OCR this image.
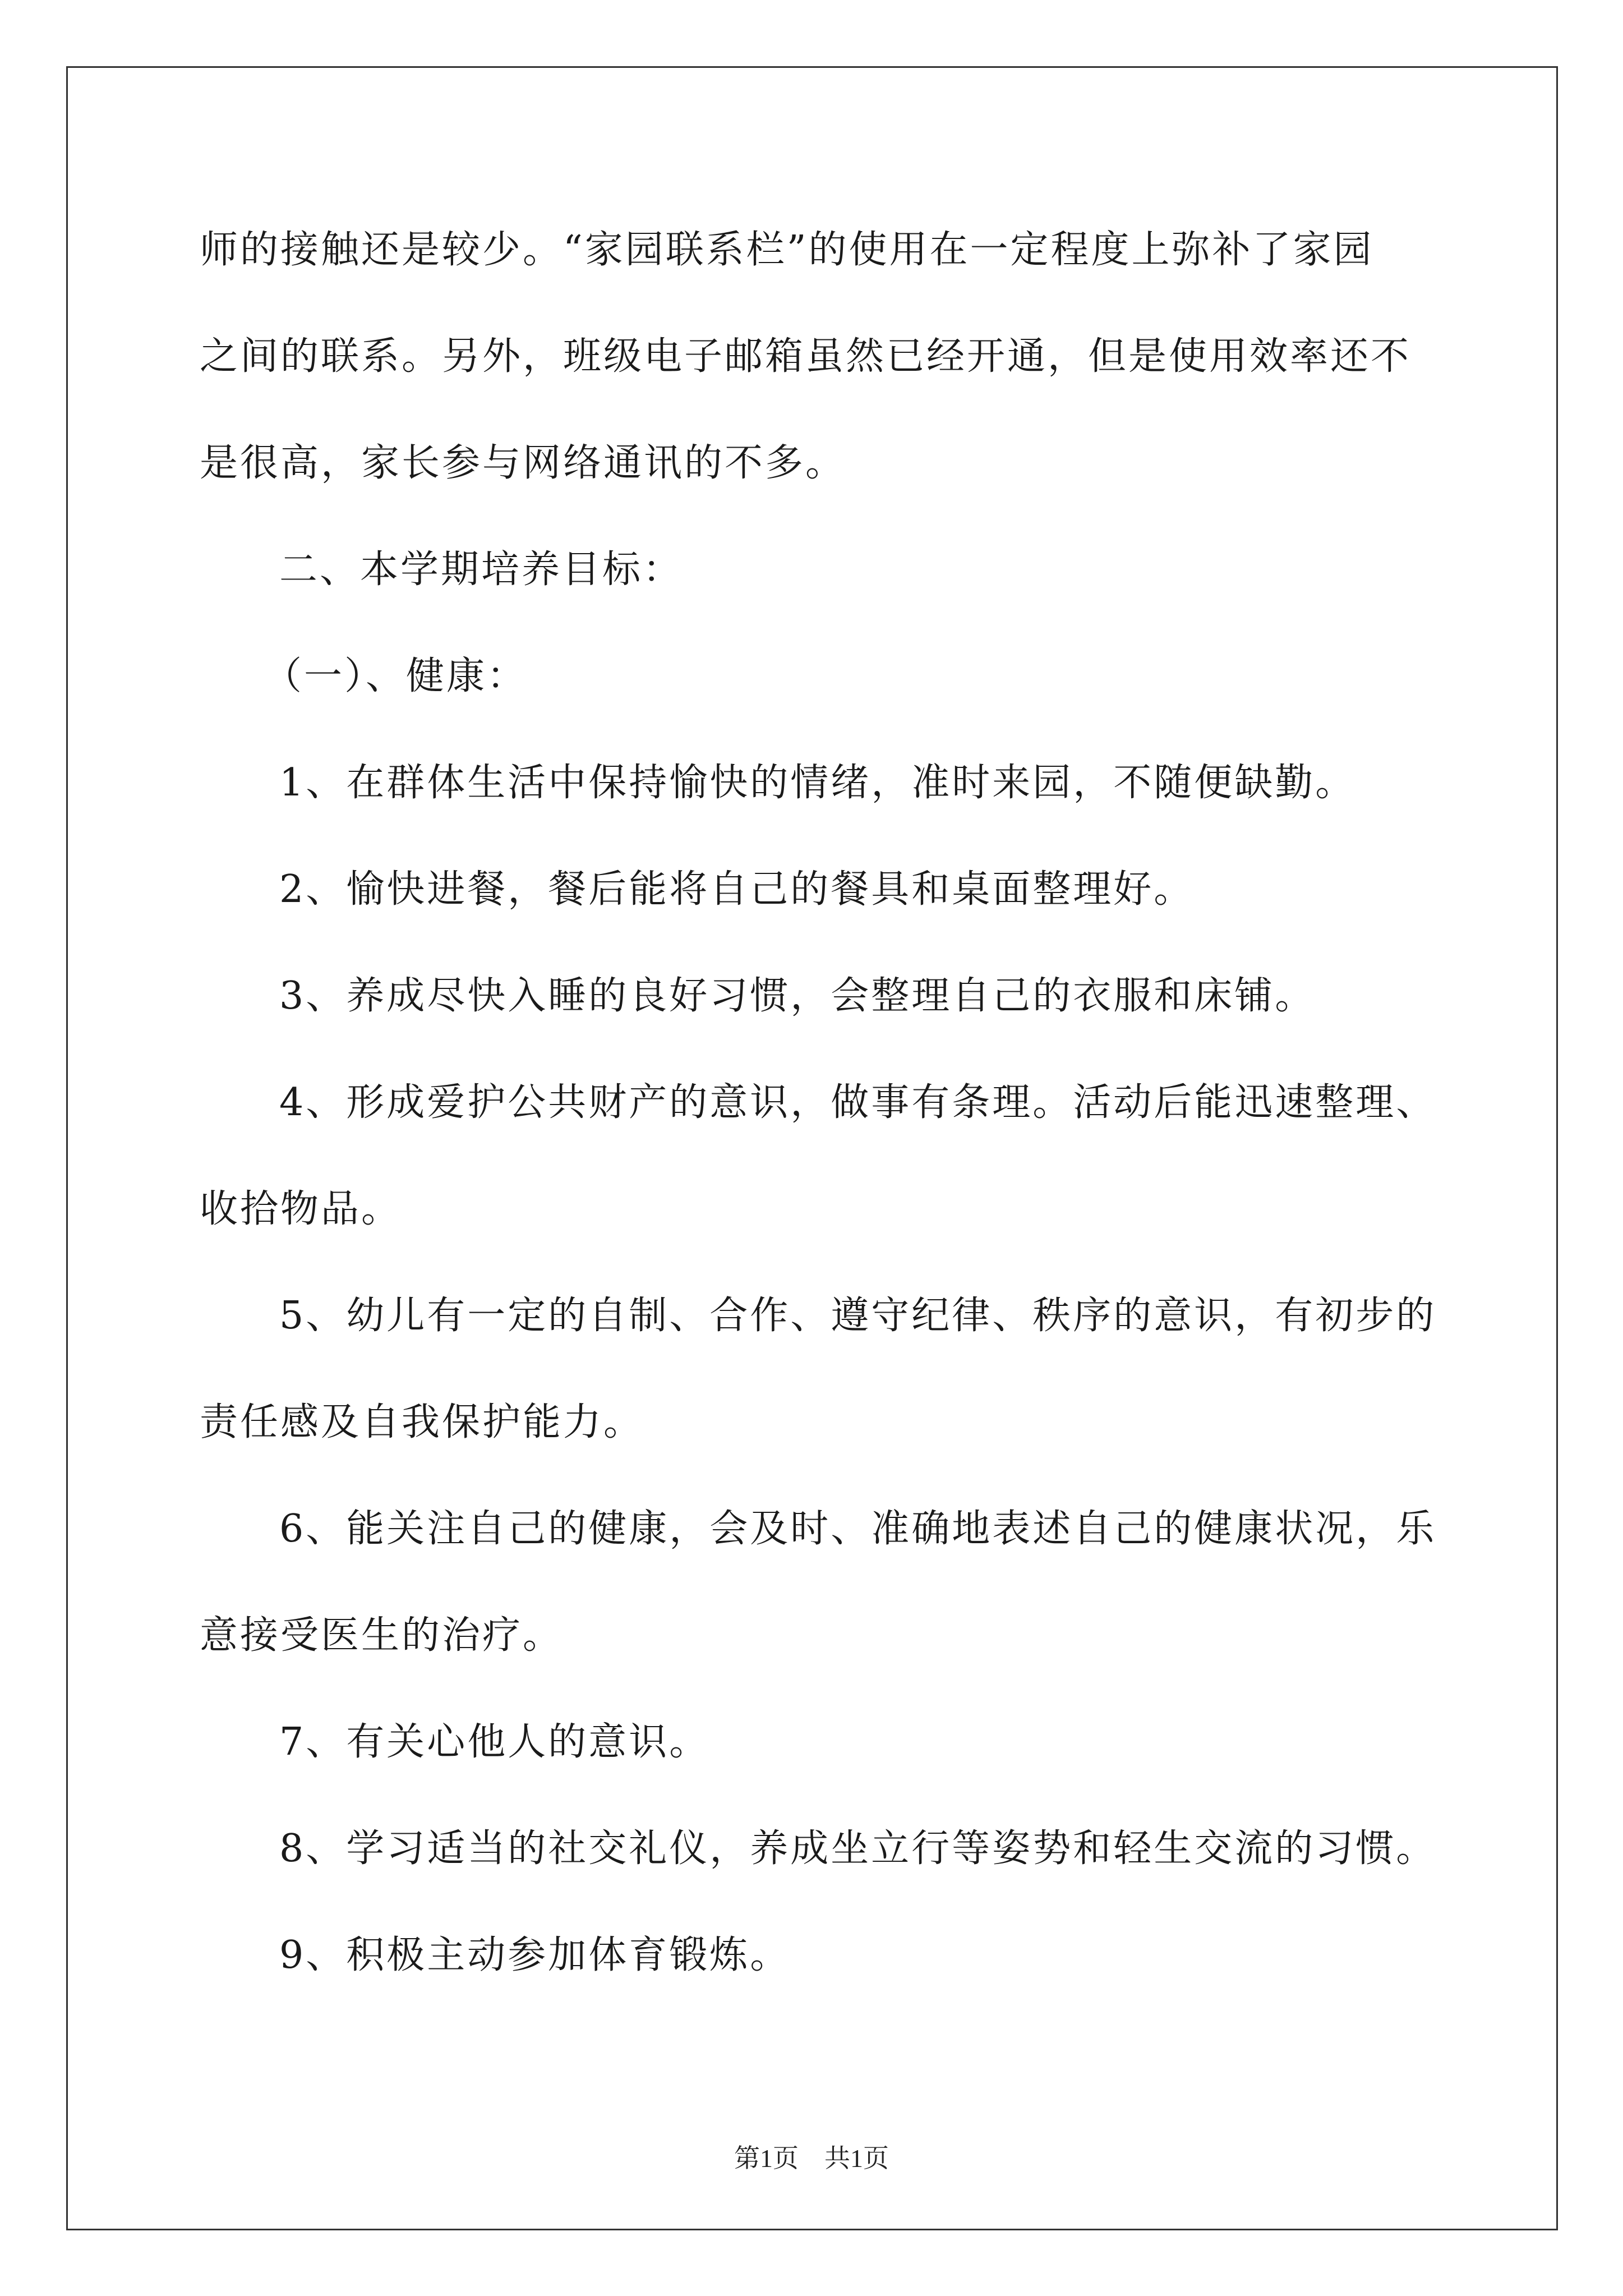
师的接触还是较少。“家园联系栏”的使用在一定程度上弥补了家园
之间的联系。另外，班级电子邮箱虽然已经开通，但是使用效率还不
是很高，家长参与网络通讯的不多。
二、本学期培养目标：
（一）、健康：
1、在群体生活中保持愉快的情绪，准时来园，不随便缺勤。
2、愉快进餐，餐后能将自己的餐具和桌面整理好。
3、养成尽快入睡的良好习惯，会整理自己的衣服和床铺。
4、形成爱护公共财产的意识，做事有条理。活动后能迅速整理、
收拾物品。
5、幼儿有一定的自制、合作、遵守纪律、秩序的意识，有初步的
责任感及自我保护能力。
6、能关注自己的健康，会及时、准确地表述自己的健康状况，乐
意接受医生的治疗。
7、有关心他人的意识。
8、学习适当的社交礼仪，养成坐立行等姿势和轻生交流的习惯。
9、积极主动参加体育锻炼。
第1页　共1页
